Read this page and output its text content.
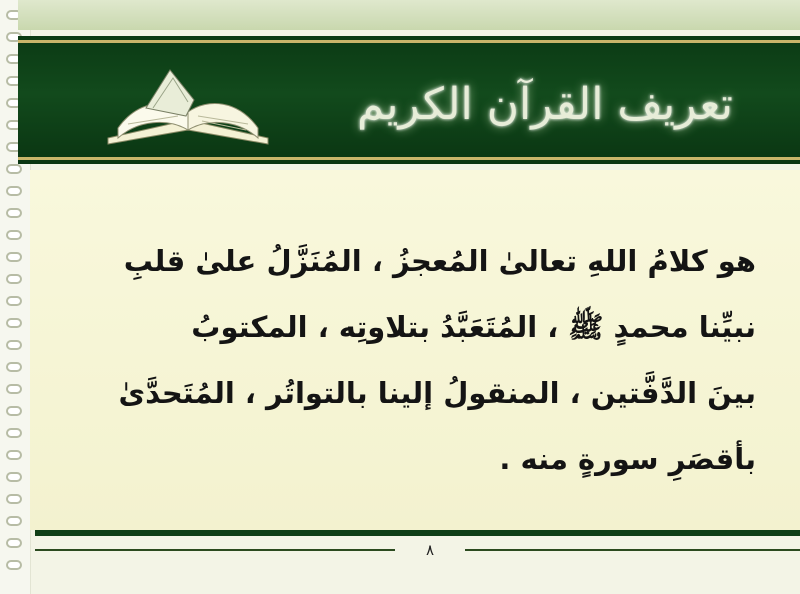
تعريف القرآن الكريم
هو كلامُ اللهِ تعالىٰ المُعجزُ ، المُنَزَّلُ علىٰ قلبِ
نبيِّنا محمدٍ ﷺ ، المُتَعَبَّدُ بتلاوتِه ، المكتوبُ
بينَ الدَّفَّتين ، المنقولُ إلينا بالتواتُر ، المُتَحدَّىٰ
بأقصَرِ سورةٍ منه .
٨
